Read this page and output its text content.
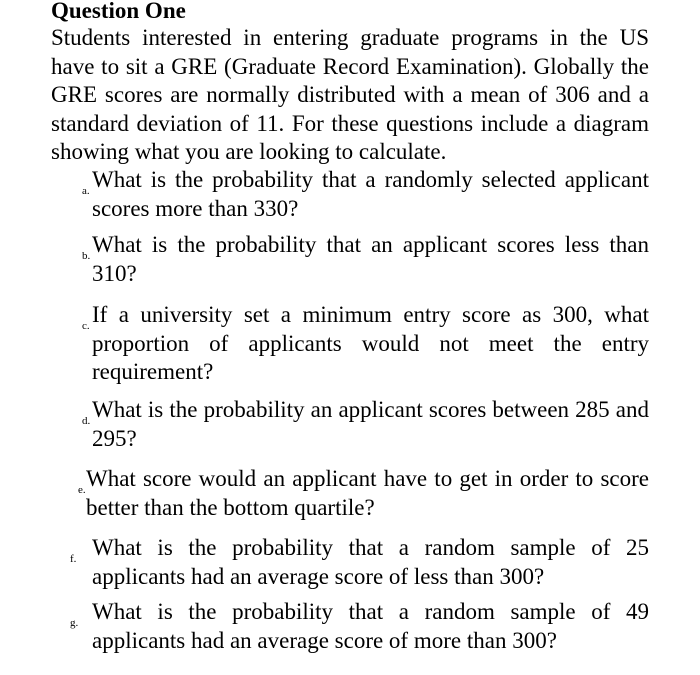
Question One
Students interested in entering graduate programs in the US have to sit a GRE (Graduate Record Examination). Globally the GRE scores are normally distributed with a mean of 306 and a standard deviation of 11. For these questions include a diagram showing what you are looking to calculate.
a. What is the probability that a randomly selected applicant scores more than 330?
b. What is the probability that an applicant scores less than 310?
c. If a university set a minimum entry score as 300, what proportion of applicants would not meet the entry requirement?
d. What is the probability an applicant scores between 285 and 295?
e. What score would an applicant have to get in order to score better than the bottom quartile?
f. What is the probability that a random sample of 25 applicants had an average score of less than 300?
g. What is the probability that a random sample of 49 applicants had an average score of more than 300?
